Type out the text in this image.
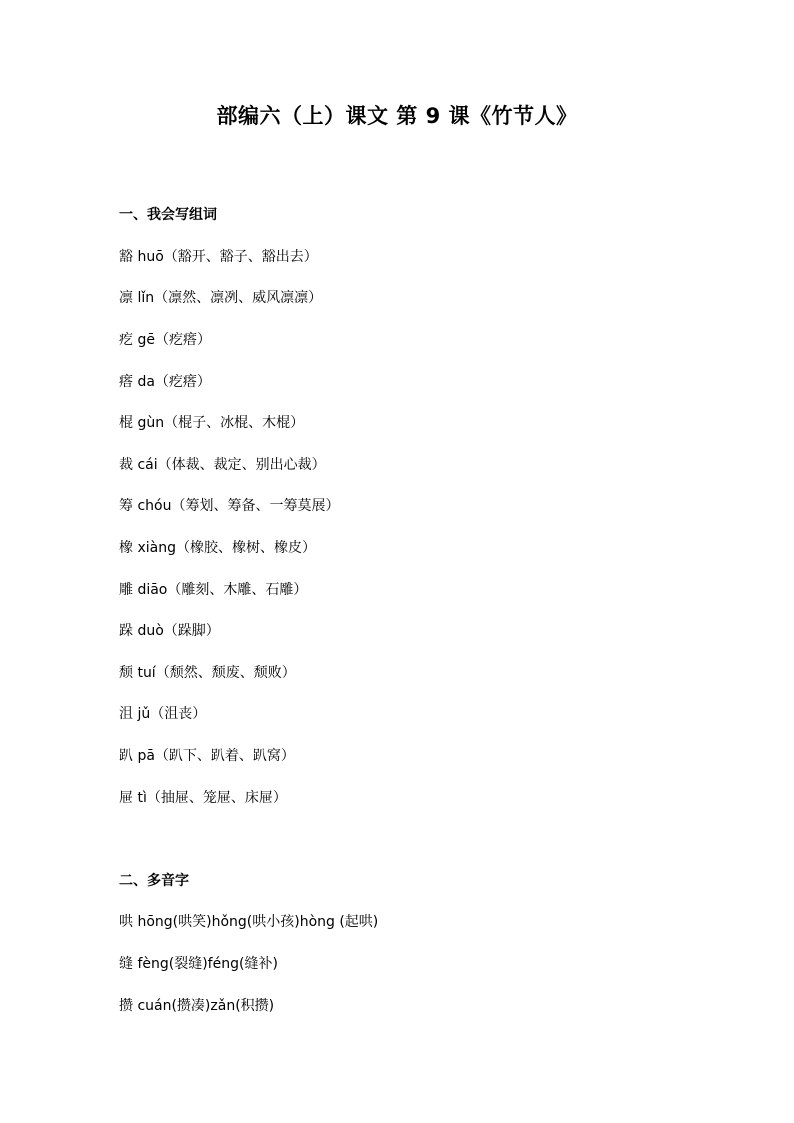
部编六（上）课文 第 9 课《竹节人》
一、我会写组词
豁 huō（豁开、豁子、豁出去）
凛 lǐn（凛然、凛冽、威风凛凛）
疙 gē（疙瘩）
瘩 da（疙瘩）
棍 gùn（棍子、冰棍、木棍）
裁 cái（体裁、裁定、别出心裁）
筹 chóu（筹划、筹备、一筹莫展）
橡 xiàng（橡胶、橡树、橡皮）
雕 diāo（雕刻、木雕、石雕）
跺 duò（跺脚）
颓 tuí（颓然、颓废、颓败）
沮 jǔ（沮丧）
趴 pā（趴下、趴着、趴窝）
屉 tì（抽屉、笼屉、床屉）
二、多音字
哄 hōng(哄笑)hǒng(哄小孩)hòng (起哄)
缝 fèng(裂缝)féng(缝补)
攒 cuán(攒凑)zǎn(积攒)
